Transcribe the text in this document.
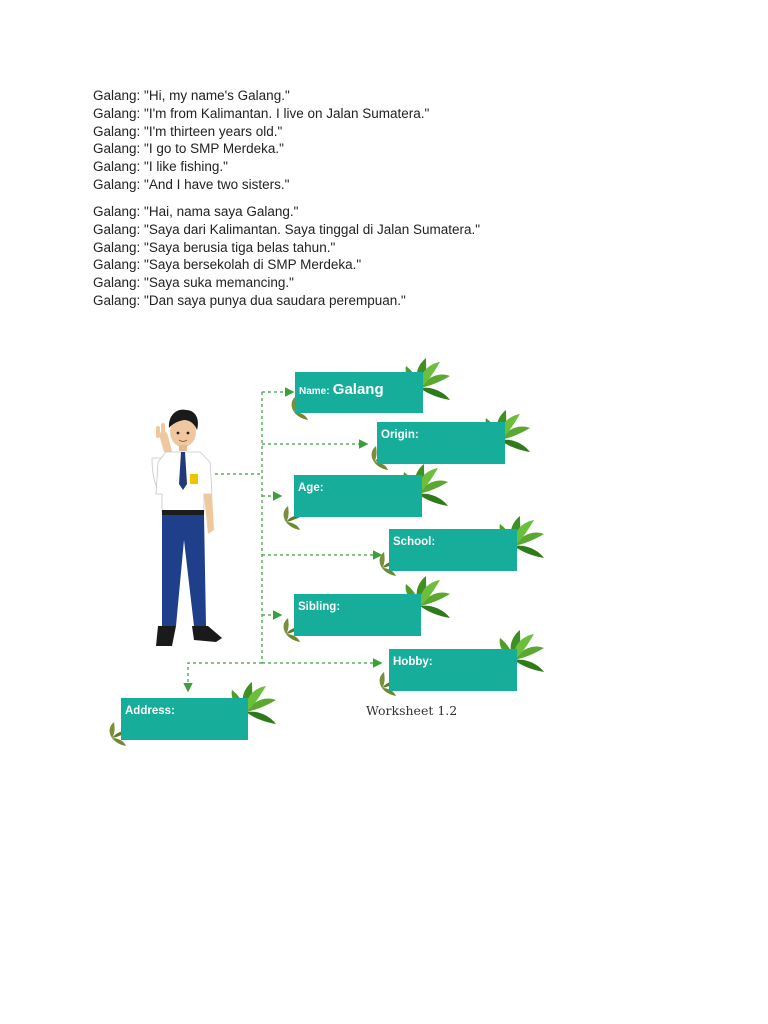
Galang: "Hi, my name's Galang."
Galang: "I'm from Kalimantan. I live on Jalan Sumatera."
Galang: "I'm thirteen years old."
Galang: "I go to SMP Merdeka."
Galang: "I like fishing."
Galang: "And I have two sisters."
Galang: "Hai, nama saya Galang."
Galang: "Saya dari Kalimantan. Saya tinggal di Jalan Sumatera."
Galang: "Saya berusia tiga belas tahun."
Galang: "Saya bersekolah di SMP Merdeka."
Galang: "Saya suka memancing."
Galang: "Dan saya punya dua saudara perempuan."
Name: Galang
Origin:
Age:
School:
Sibling:
Hobby:
Address:	Worksheet 1.2
